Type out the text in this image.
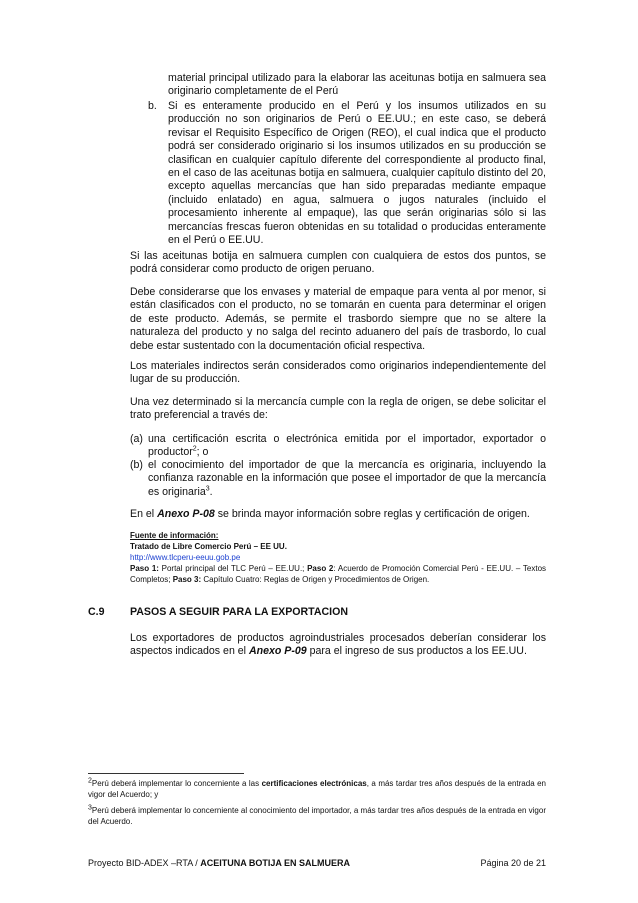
material principal utilizado para la elaborar las aceitunas botija en salmuera sea originario completamente de el Perú
b.	Si es enteramente producido en el Perú y los insumos utilizados en su producción no son originarios de Perú o EE.UU.; en este caso, se deberá revisar el Requisito Específico de Origen (REO), el cual indica que el producto podrá ser considerado originario si los insumos utilizados en su producción se clasifican en cualquier capítulo diferente del correspondiente al producto final, en el caso de las aceitunas botija en salmuera, cualquier capítulo distinto del 20, excepto aquellas mercancías que han sido preparadas mediante empaque (incluido enlatado) en agua, salmuera o jugos naturales (incluido el procesamiento inherente al empaque), las que serán originarias sólo si las mercancías frescas fueron obtenidas en su totalidad o producidas enteramente en el Perú o EE.UU.
Si las aceitunas botija en salmuera cumplen con cualquiera de estos dos puntos, se podrá considerar como producto de origen peruano.
Debe considerarse que los envases y material de empaque para venta al por menor, si están clasificados con el producto, no se tomarán en cuenta para determinar el origen de este producto. Además, se permite el trasbordo siempre que no se altere la naturaleza del producto y no salga del recinto aduanero del país de trasbordo, lo cual debe estar sustentado con la documentación oficial respectiva.
Los materiales indirectos serán considerados como originarios independientemente del lugar de su producción.
Una vez determinado si la mercancía cumple con la regla de origen, se debe solicitar el trato preferencial a través de:
(a) una certificación escrita o electrónica emitida por el importador, exportador o productor$^2$; o
(b) el conocimiento del importador de que la mercancía es originaria, incluyendo la confianza razonable en la información que posee el importador de que la mercancía es originaria$^3$.
En el Anexo P-08 se brinda mayor información sobre reglas y certificación de origen.
Fuente de información:
Tratado de Libre Comercio Perú – EE UU.
http://www.tlcperu-eeuu.gob.pe
Paso 1: Portal principal del TLC Perú – EE.UU.; Paso 2: Acuerdo de Promoción Comercial Perú - EE.UU. – Textos Completos; Paso 3: Capítulo Cuatro: Reglas de Origen y Procedimientos de Origen.
C.9 PASOS A SEGUIR PARA LA EXPORTACION
Los exportadores de productos agroindustriales procesados deberían considerar los aspectos indicados en el Anexo P-09 para el ingreso de sus productos a los EE.UU.
$^2$Perú deberá implementar lo concerniente a las certificaciones electrónicas, a más tardar tres años después de la entrada en vigor del Acuerdo; y
$^3$Perú deberá implementar lo concerniente al conocimiento del importador, a más tardar tres años después de la entrada en vigor del Acuerdo.
Proyecto BID-ADEX –RTA / ACEITUNA BOTIJA EN SALMUERA	Página 20 de 21
